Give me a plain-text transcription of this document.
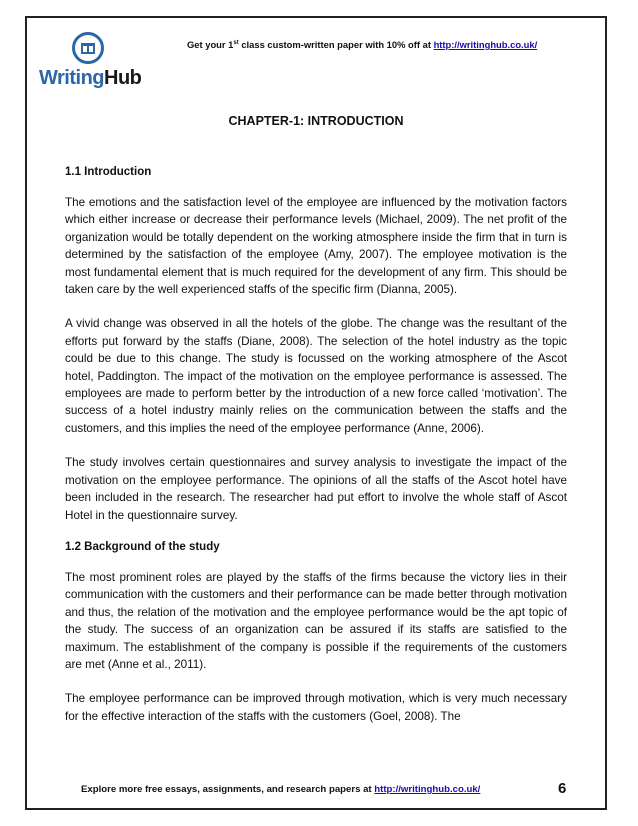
WritingHub
Get your 1st class custom-written paper with 10% off at http://writinghub.co.uk/
CHAPTER-1: INTRODUCTION
1.1 Introduction

The emotions and the satisfaction level of the employee are influenced by the motivation factors which either increase or decrease their performance levels (Michael, 2009). The net profit of the organization would be totally dependent on the working atmosphere inside the firm that in turn is determined by the satisfaction of the employee (Amy, 2007). The employee motivation is the most fundamental element that is much required for the development of any firm. This should be taken care by the well experienced staffs of the specific firm (Dianna, 2005).

A vivid change was observed in all the hotels of the globe. The change was the resultant of the efforts put forward by the staffs (Diane, 2008). The selection of the hotel industry as the topic could be due to this change. The study is focussed on the working atmosphere of the Ascot hotel, Paddington. The impact of the motivation on the employee performance is assessed. The employees are made to perform better by the introduction of a new force called ‘motivation’. The success of a hotel industry mainly relies on the communication between the staffs and the customers, and this implies the need of the employee performance (Anne, 2006).

The study involves certain questionnaires and survey analysis to investigate the impact of the motivation on the employee performance. The opinions of all the staffs of the Ascot hotel have been included in the research. The researcher had put effort to involve the whole staff of Ascot Hotel in the questionnaire survey.

1.2 Background of the study

The most prominent roles are played by the staffs of the firms because the victory lies in their communication with the customers and their performance can be made better through motivation and thus, the relation of the motivation and the employee performance would be the apt topic of the study. The success of an organization can be assured if its staffs are satisfied to the maximum. The establishment of the company is possible if the requirements of the customers are met (Anne et al., 2011).

The employee performance can be improved through motivation, which is very much necessary for the effective interaction of the staffs with the customers (Goel, 2008). The

Explore more free essays, assignments, and research papers at http://writinghub.co.uk/	6
